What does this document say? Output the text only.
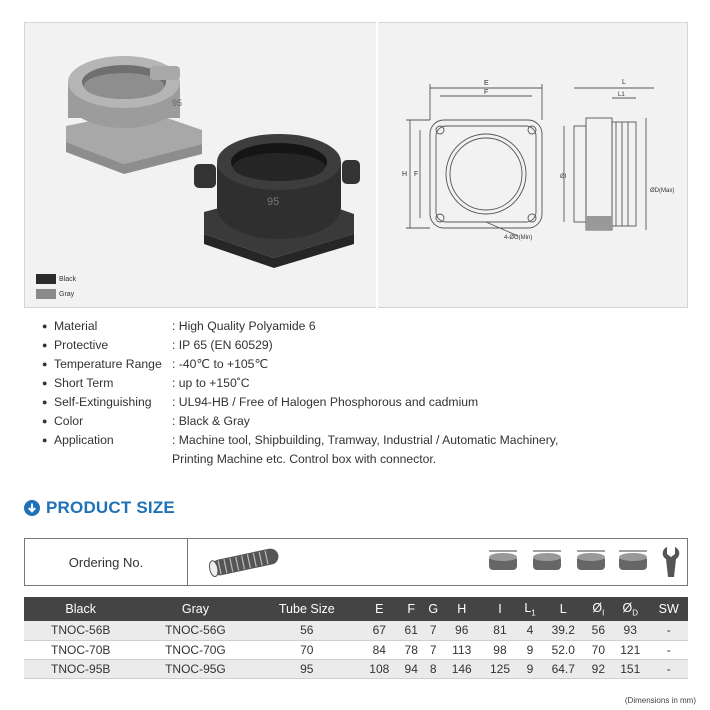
95
95
Black
Gray
E
F
H F
4-ØG(Min)
L
L1
ØI
ØD(Max)
● Material	: High Quality Polyamide 6
● Protective	: IP 65 (EN 60529)
● Temperature Range : -40℃ to +105℃
● Short Term	: up to +150˚C
● Self-Extinguishing	: UL94-HB / Free of Halogen Phosphorous and cadmium
● Color	: Black & Gray
● Application	: Machine tool, Shipbuilding, Tramway, Industrial / Automatic Machinery,
Printing Machine etc. Control box with connector.
PRODUCT SIZE
Ordering No.
Black	Gray	Tube Size	E	F	G	H	I	$L_1$	L	$Ø_I$	$Ø_D$	SW
TNOC-56B	TNOC-56G	56	67	61	7	96	81	4	39.2	56	93	-
TNOC-70B	TNOC-70G	70	84	78	7	113	98	9	52.0	70	121	-
TNOC-95B	TNOC-95G	95	108	94	8	146	125	9	64.7	92	151	-
(Dimensions in mm)
